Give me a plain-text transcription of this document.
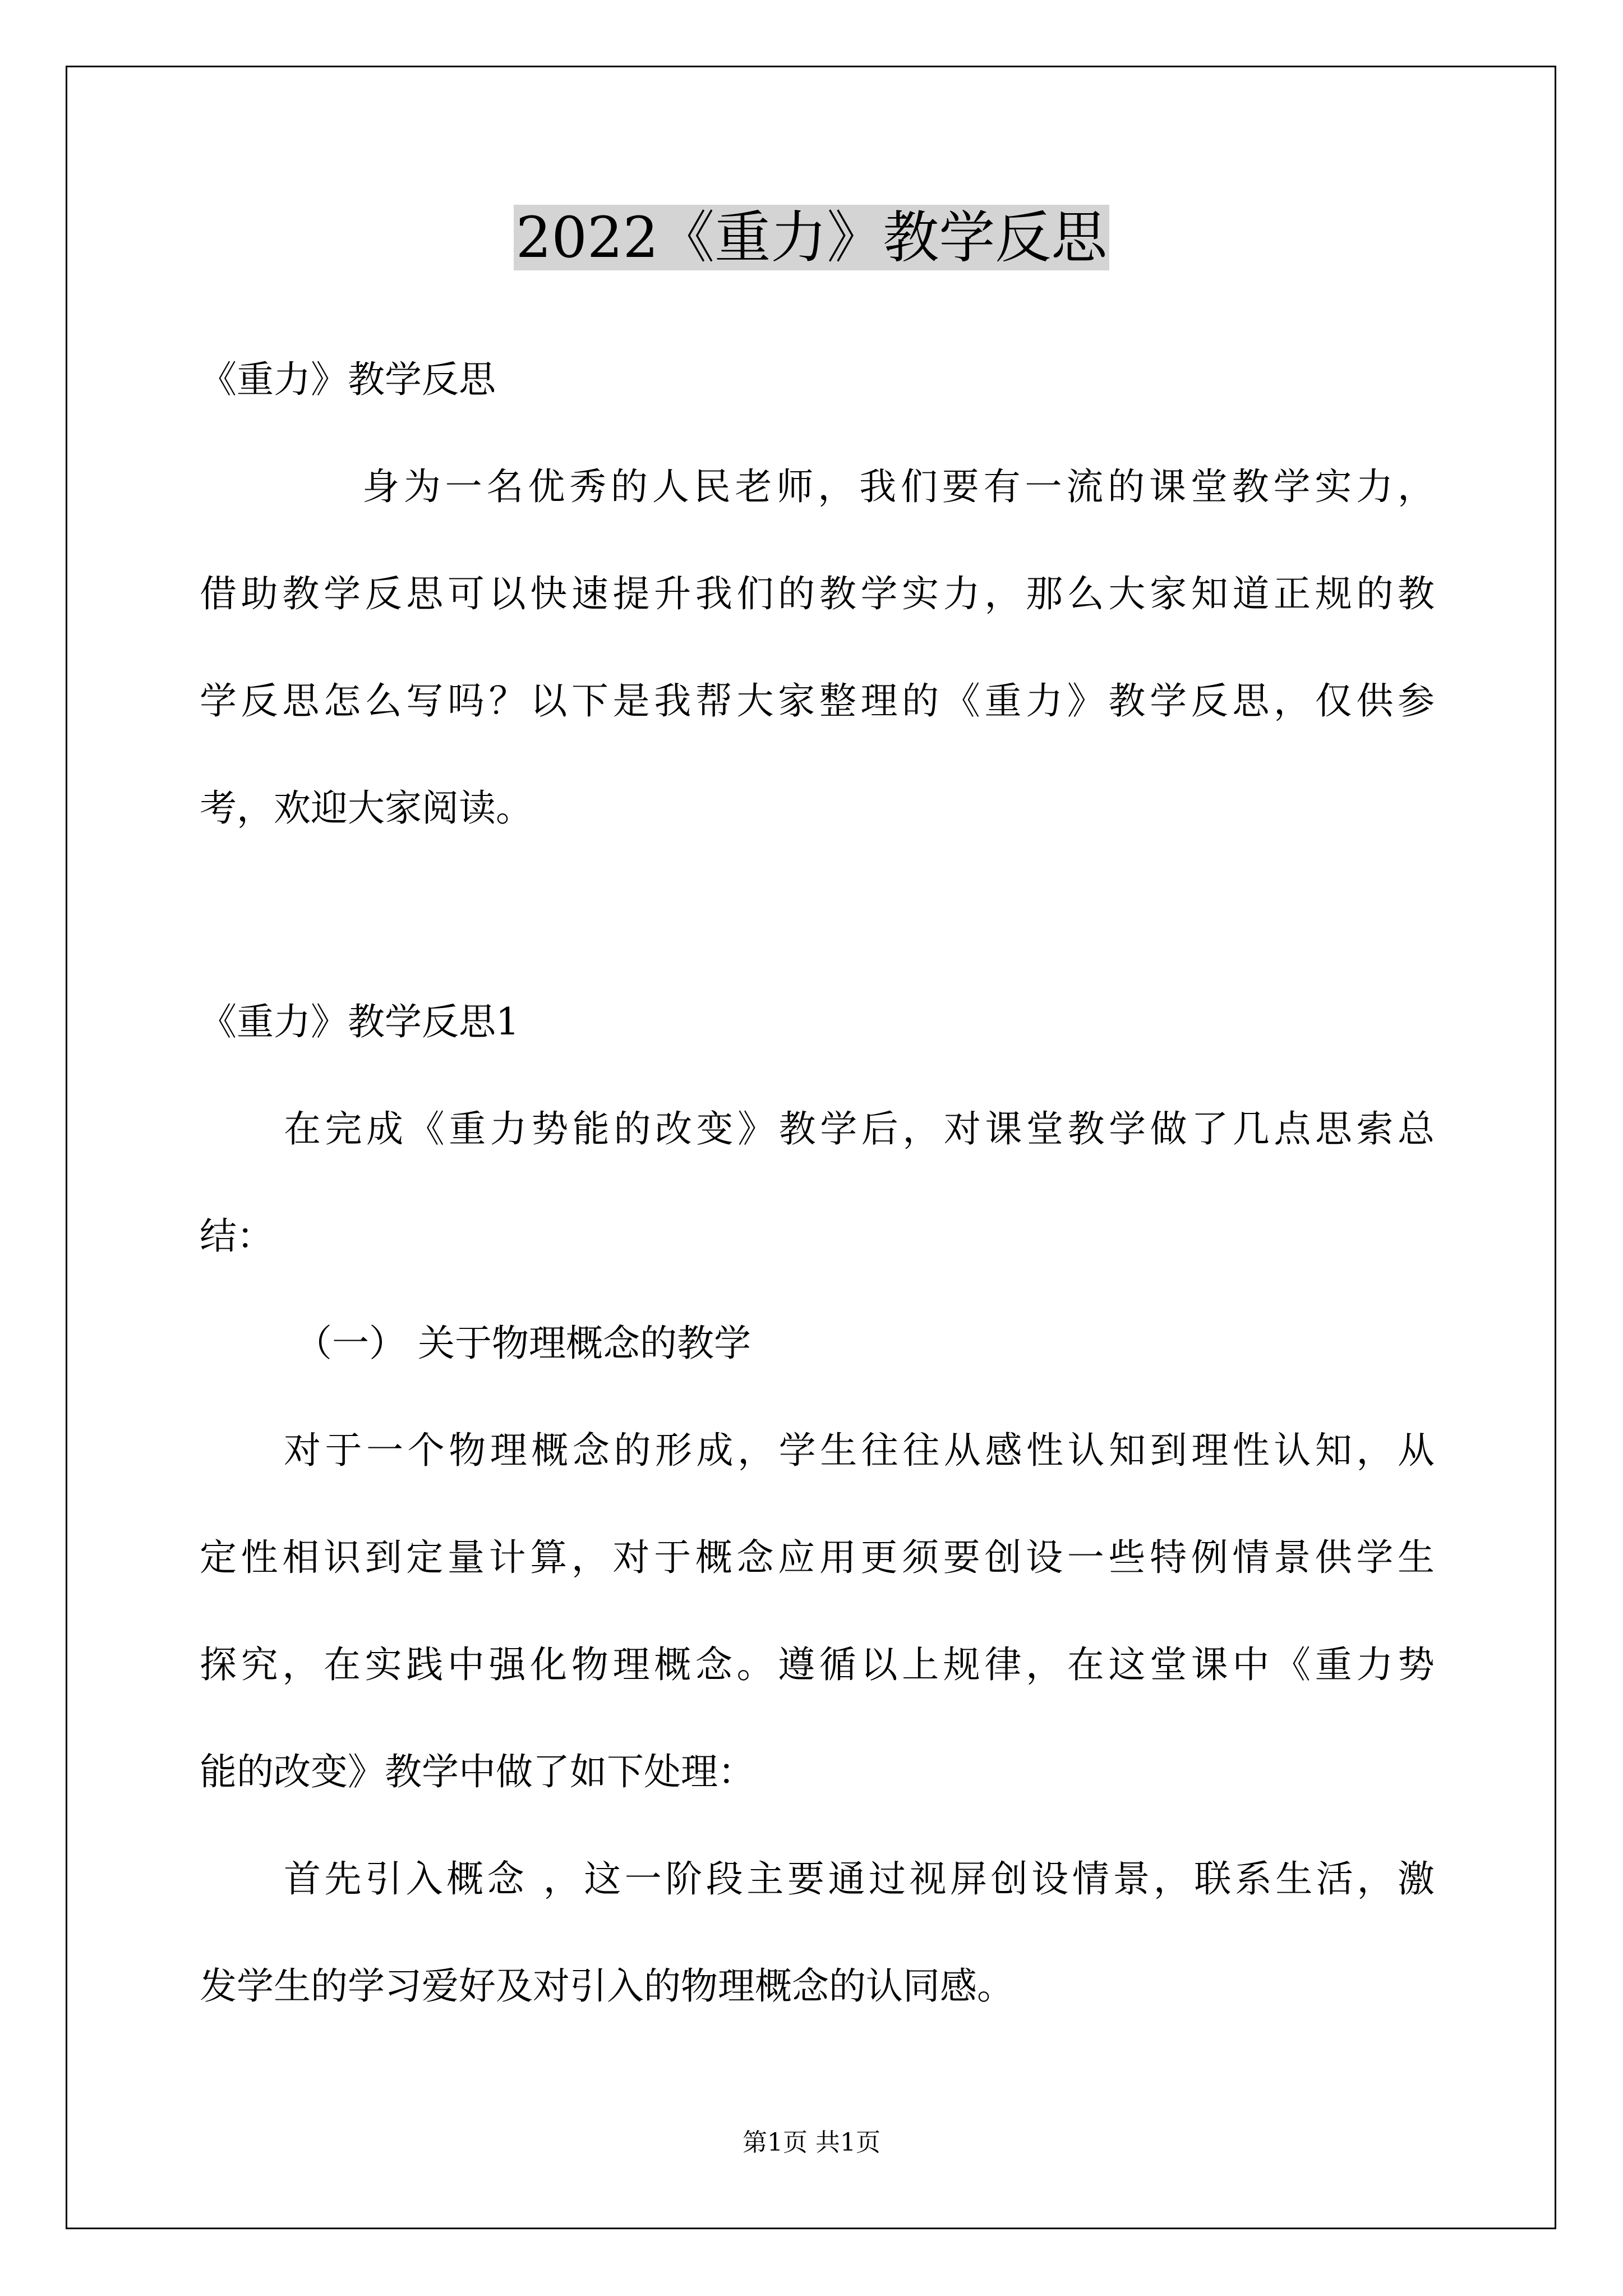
2022《重力》教学反思
《重力》教学反思
身为一名优秀的人民老师，我们要有一流的课堂教学实力，
借助教学反思可以快速提升我们的教学实力，那么大家知道正规的教
学反思怎么写吗？以下是我帮大家整理的《重力》教学反思，仅供参
考，欢迎大家阅读。
《重力》教学反思1
在完成《重力势能的改变》教学后，对课堂教学做了几点思索总
结：
（一） 关于物理概念的教学
对于一个物理概念的形成，学生往往从感性认知到理性认知，从
定性相识到定量计算，对于概念应用更须要创设一些特例情景供学生
探究，在实践中强化物理概念。遵循以上规律，在这堂课中《重力势
能的改变》教学中做了如下处理：
首先引入概念 ，这一阶段主要通过视屏创设情景，联系生活，激
发学生的学习爱好及对引入的物理概念的认同感。
第1页 共1页
